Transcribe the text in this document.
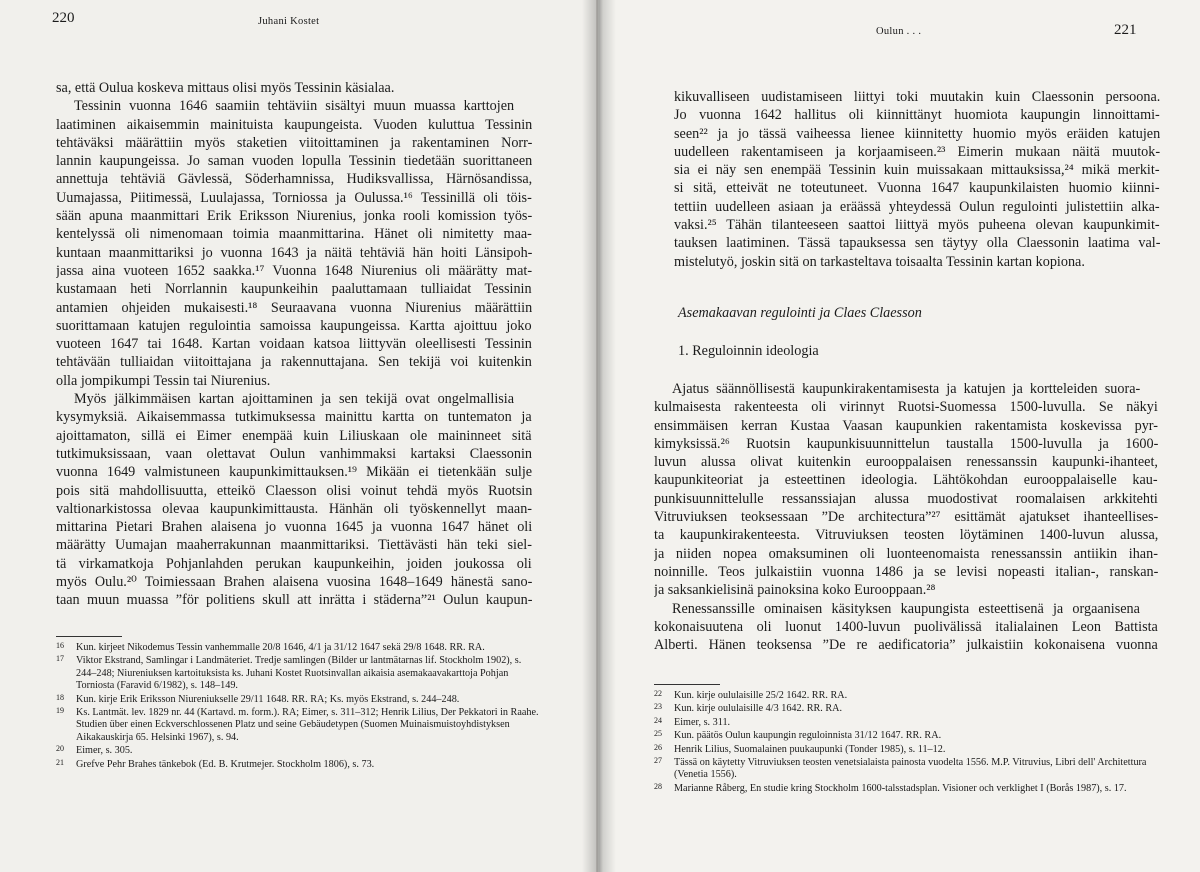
220	Juhani Kostet
sa, että Oulua koskeva mittaus olisi myös Tessinin käsialaa.
Tessinin vuonna 1646 saamiin tehtäviin sisältyi muun muassa karttojen
laatiminen aikaisemmin mainituista kaupungeista. Vuoden kuluttua Tessinin
tehtäväksi määrättiin myös staketien viitoittaminen ja rakentaminen Norr-
lannin kaupungeissa. Jo saman vuoden lopulla Tessinin tiedetään suorittaneen
annettuja tehtäviä Gävlessä, Söderhamnissa, Hudiksvallissa, Härnösandissa,
Uumajassa, Piitimessä, Luulajassa, Torniossa ja Oulussa.¹⁶ Tessinillä oli töis-
sään apuna maanmittari Erik Eriksson Niurenius, jonka rooli komission työs-
kentelyssä oli nimenomaan toimia maanmittarina. Hänet oli nimitetty maa-
kuntaan maanmittariksi jo vuonna 1643 ja näitä tehtäviä hän hoiti Länsipoh-
jassa aina vuoteen 1652 saakka.¹⁷ Vuonna 1648 Niurenius oli määrätty mat-
kustamaan heti Norrlannin kaupunkeihin paaluttamaan tulliaidat Tessinin
antamien ohjeiden mukaisesti.¹⁸ Seuraavana vuonna Niurenius määrättiin
suorittamaan katujen regulointia samoissa kaupungeissa. Kartta ajoittuu joko
vuoteen 1647 tai 1648. Kartan voidaan katsoa liittyvän oleellisesti Tessinin
tehtävään tulliaidan viitoittajana ja rakennuttajana. Sen tekijä voi kuitenkin
olla jompikumpi Tessin tai Niurenius.
Myös jälkimmäisen kartan ajoittaminen ja sen tekijä ovat ongelmallisia
kysymyksiä. Aikaisemmassa tutkimuksessa mainittu kartta on tuntematon ja
ajoittamaton, sillä ei Eimer enempää kuin Liliuskaan ole maininneet sitä
tutkimuksissaan, vaan olettavat Oulun vanhimmaksi kartaksi Claessonin
vuonna 1649 valmistuneen kaupunkimittauksen.¹⁹ Mikään ei tietenkään sulje
pois sitä mahdollisuutta, etteikö Claesson olisi voinut tehdä myös Ruotsin
valtionarkistossa olevaa kaupunkimittausta. Hänhän oli työskennellyt maan-
mittarina Pietari Brahen alaisena jo vuonna 1645 ja vuonna 1647 hänet oli
määrätty Uumajan maaherrakunnan maanmittariksi. Tiettävästi hän teki siel-
tä virkamatkoja Pohjanlahden perukan kaupunkeihin, joiden joukossa oli
myös Oulu.²⁰ Toimiessaan Brahen alaisena vuosina 1648–1649 hänestä sano-
taan muun muassa ”för politiens skull att inrätta i städerna”²¹ Oulun kaupun-
16	Kun. kirjeet Nikodemus Tessin vanhemmalle 20/8 1646, 4/1 ja 31/12 1647 sekä 29/8 1648. RR. RA.
17	Viktor Ekstrand, Samlingar i Landmäteriet. Tredje samlingen (Bilder ur lantmätarnas lif. Stockholm 1902), s. 244–248; Niureniuksen kartoituksista ks. Juhani Kostet Ruotsinvallan aikaisia asemakaavakarttoja Pohjan Torniosta (Faravid 6/1982), s. 148–149.
18	Kun. kirje Erik Eriksson Niureniukselle 29/11 1648. RR. RA; Ks. myös Ekstrand, s. 244–248.
19	Ks. Lantmät. lev. 1829 nr. 44 (Kartavd. m. form.). RA; Eimer, s. 311–312; Henrik Lilius, Der Pekkatori in Raahe. Studien über einen Eckverschlossenen Platz und seine Gebäudetypen (Suomen Muinaismuistoyhdistyksen Aikakauskirja 65. Helsinki 1967), s. 94.
20	Eimer, s. 305.
21	Grefve Pehr Brahes tänkebok (Ed. B. Krutmejer. Stockholm 1806), s. 73.
Oulun . . .	221
kikuvalliseen uudistamiseen liittyi toki muutakin kuin Claessonin persoona.
Jo vuonna 1642 hallitus oli kiinnittänyt huomiota kaupungin linnoittami-
seen²² ja jo tässä vaiheessa lienee kiinnitetty huomio myös eräiden katujen
uudelleen rakentamiseen ja korjaamiseen.²³ Eimerin mukaan näitä muutok-
sia ei näy sen enempää Tessinin kuin muissakaan mittauksissa,²⁴ mikä merkit-
si sitä, etteivät ne toteutuneet. Vuonna 1647 kaupunkilaisten huomio kiinni-
tettiin uudelleen asiaan ja eräässä yhteydessä Oulun regulointi julistettiin alka-
vaksi.²⁵ Tähän tilanteeseen saattoi liittyä myös puheena olevan kaupunkimit-
tauksen laatiminen. Tässä tapauksessa sen täytyy olla Claessonin laatima val-
mistelutyö, joskin sitä on tarkasteltava toisaalta Tessinin kartan kopiona.
Asemakaavan regulointi ja Claes Claesson
1. Reguloinnin ideologia
Ajatus säännöllisestä kaupunkirakentamisesta ja katujen ja kortteleiden suora-
kulmaisesta rakenteesta oli virinnyt Ruotsi-Suomessa 1500-luvulla. Se näkyi
ensimmäisen kerran Kustaa Vaasan kaupunkien rakentamista koskevissa pyr-
kimyksissä.²⁶ Ruotsin kaupunkisuunnittelun taustalla 1500-luvulla ja 1600-
luvun alussa olivat kuitenkin eurooppalaisen renessanssin kaupunki-ihanteet,
kaupunkiteoriat ja esteettinen ideologia. Lähtökohdan eurooppalaiselle kau-
punkisuunnittelulle ressanssiajan alussa muodostivat roomalaisen arkkitehti
Vitruviuksen teoksessaan ”De architectura”²⁷ esittämät ajatukset ihanteellises-
ta kaupunkirakenteesta. Vitruviuksen teosten löytäminen 1400-luvun alussa,
ja niiden nopea omaksuminen oli luonteenomaista renessanssin antiikin ihan-
noinnille. Teos julkaistiin vuonna 1486 ja se levisi nopeasti italian-, ranskan-
ja saksankielisinä painoksina koko Eurooppaan.²⁸
Renessanssille ominaisen käsityksen kaupungista esteettisenä ja orgaanisena
kokonaisuutena oli luonut 1400-luvun puolivälissä italialainen Leon Battista
Alberti. Hänen teoksensa ”De re aedificatoria” julkaistiin kokonaisena vuonna
22	Kun. kirje oululaisille 25/2 1642. RR. RA.
23	Kun. kirje oululaisille 4/3 1642. RR. RA.
24	Eimer, s. 311.
25	Kun. päätös Oulun kaupungin reguloinnista 31/12 1647. RR. RA.
26	Henrik Lilius, Suomalainen puukaupunki (Tonder 1985), s. 11–12.
27	Tässä on käytetty Vitruviuksen teosten venetsialaista painosta vuodelta 1556. M.P. Vitruvius, Libri dell' Architettura (Venetia 1556).
28	Marianne Råberg, En studie kring Stockholm 1600-talsstadsplan. Visioner och verklighet I (Borås 1987), s. 17.
